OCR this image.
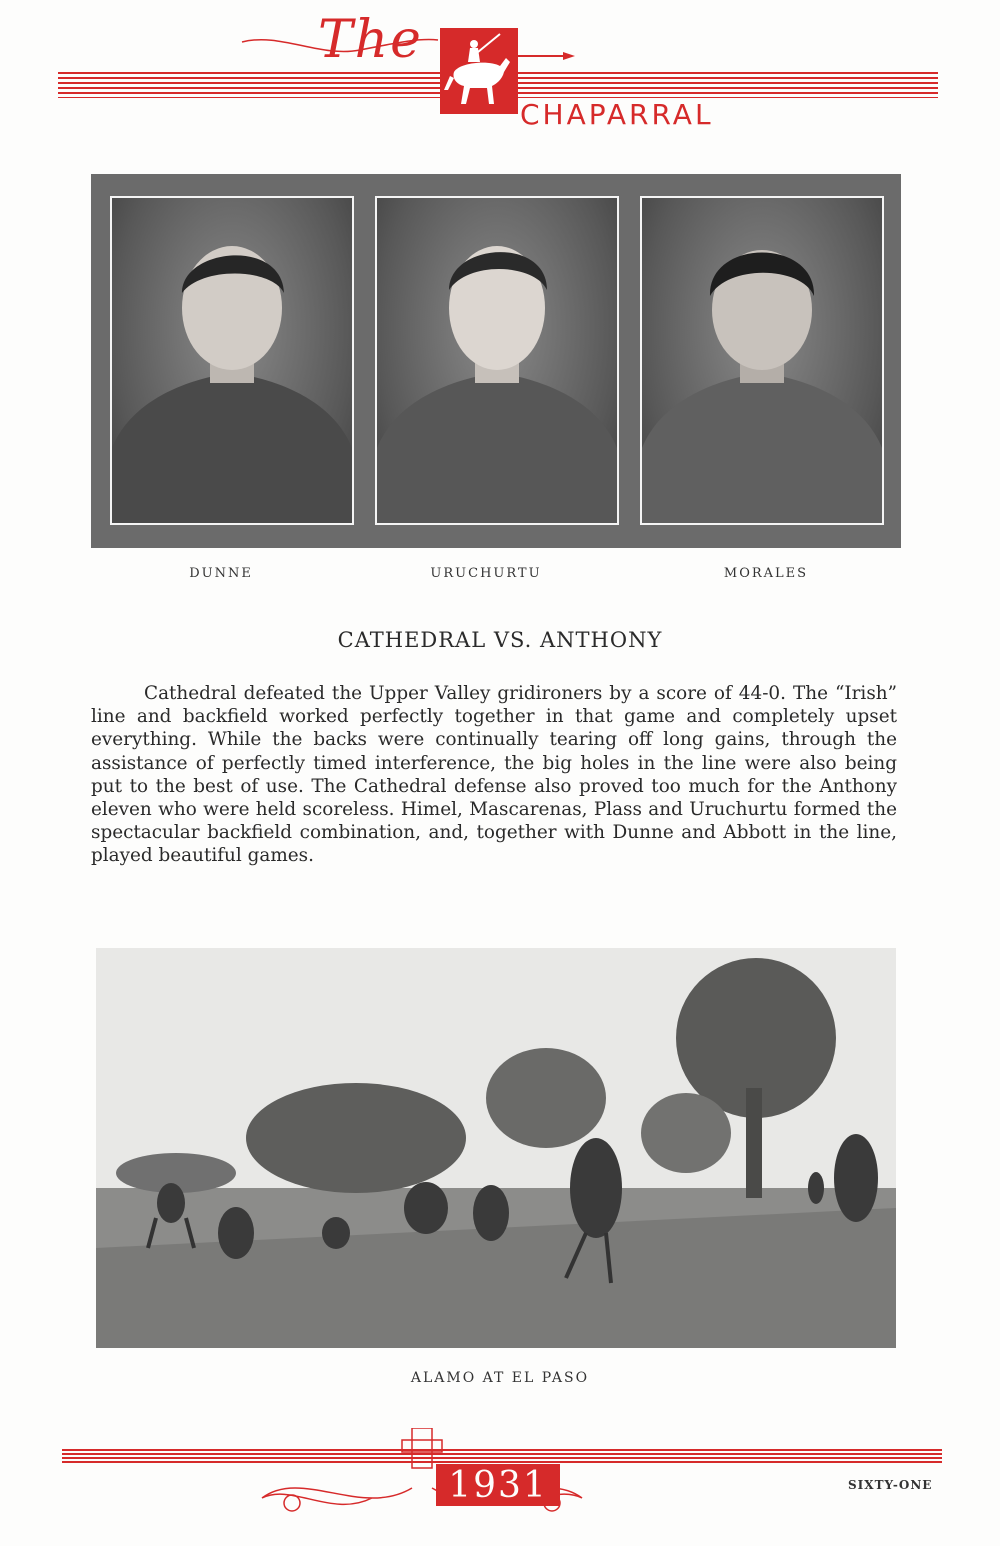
The
CHAPARRAL
DUNNE	URUCHURTU	MORALES
CATHEDRAL VS. ANTHONY

Cathedral defeated the Upper Valley gridironers by a score of 44-0. The “Irish” line and backfield worked perfectly together in that game and completely upset everything. While the backs were continually tearing off long gains, through the assistance of perfectly timed interference, the big holes in the line were also being put to the best of use. The Cathedral defense also proved too much for the Anthony eleven who were held scoreless. Himel, Mascarenas, Plass and Uruchurtu formed the spectacular backfield combination, and, together with Dunne and Abbott in the line, played beautiful games.

ALAMO AT EL PASO
1931	SIXTY-ONE
